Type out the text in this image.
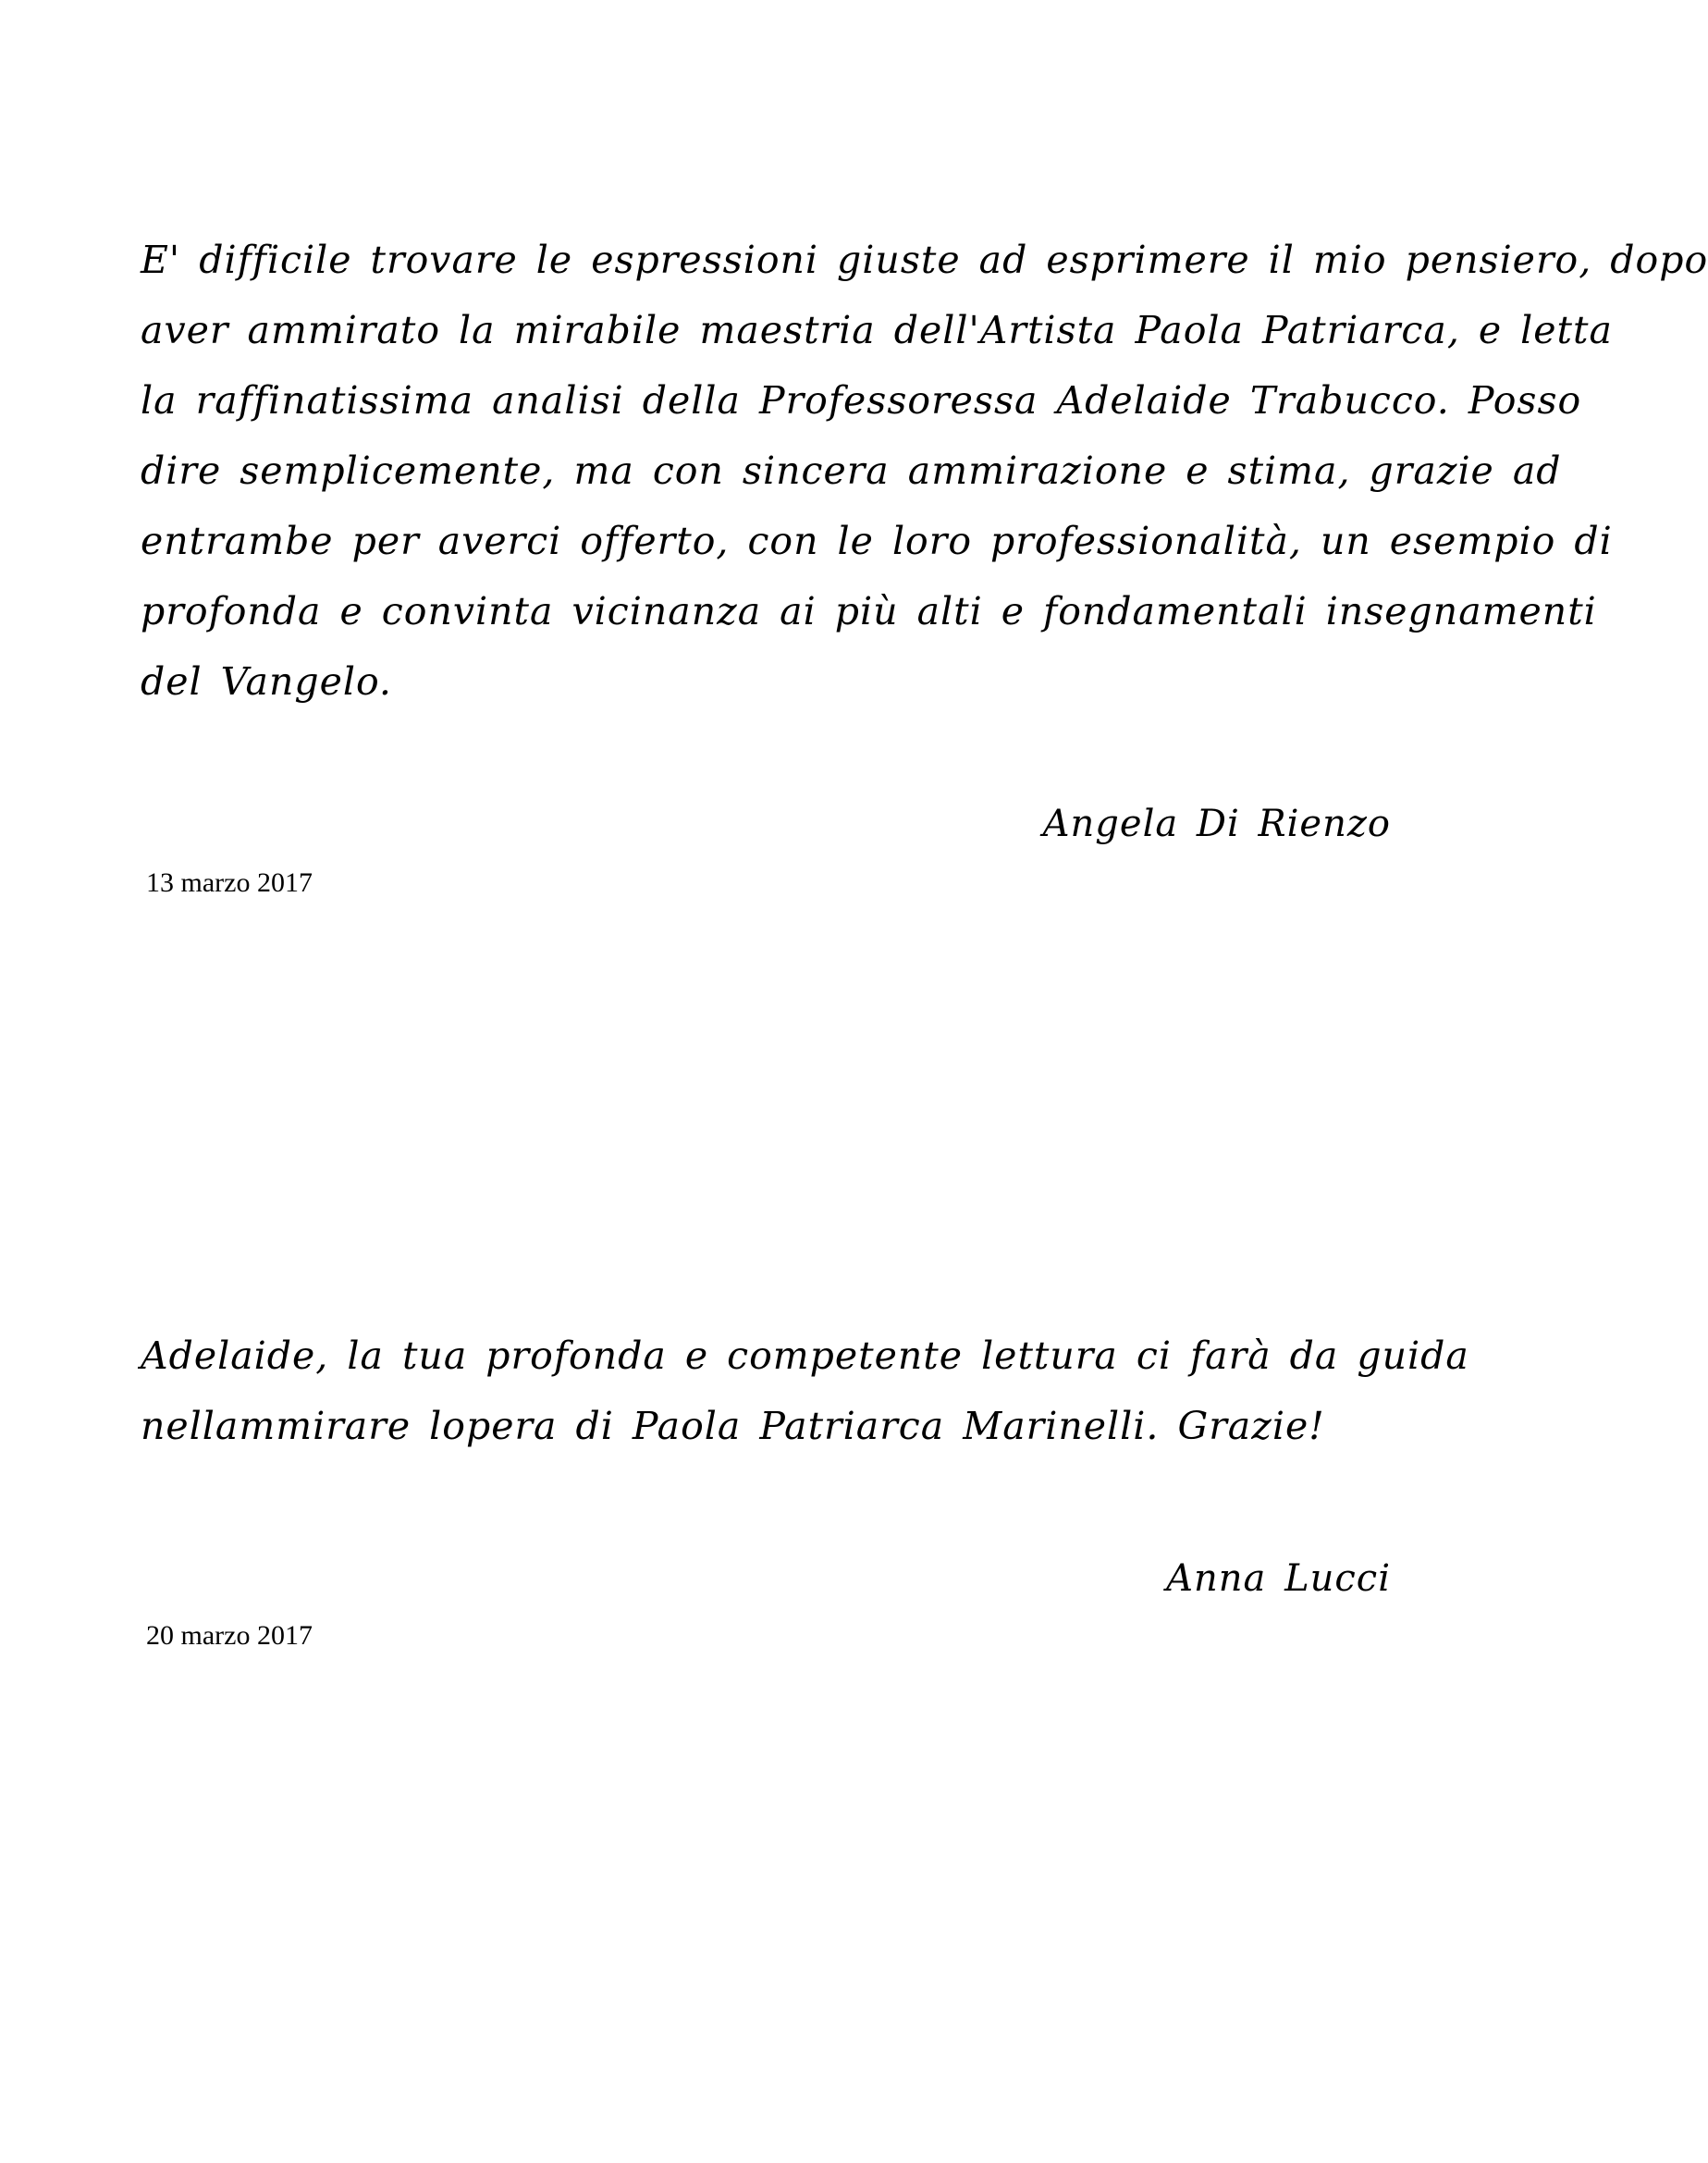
E' difficile trovare le espressioni giuste ad esprimere il mio pensiero, dopo
aver ammirato la mirabile maestria dell'Artista Paola Patriarca, e letta
la raffinatissima analisi della Professoressa Adelaide Trabucco. Posso
dire semplicemente, ma con sincera ammirazione e stima, grazie ad
entrambe per averci offerto, con le loro professionalità, un esempio di
profonda e convinta vicinanza ai più alti e fondamentali insegnamenti
del Vangelo.
Angela Di Rienzo
13 marzo 2017
Adelaide, la tua profonda e competente lettura ci farà da guida
nellammirare lopera di Paola Patriarca Marinelli. Grazie!
Anna Lucci
20 marzo 2017
